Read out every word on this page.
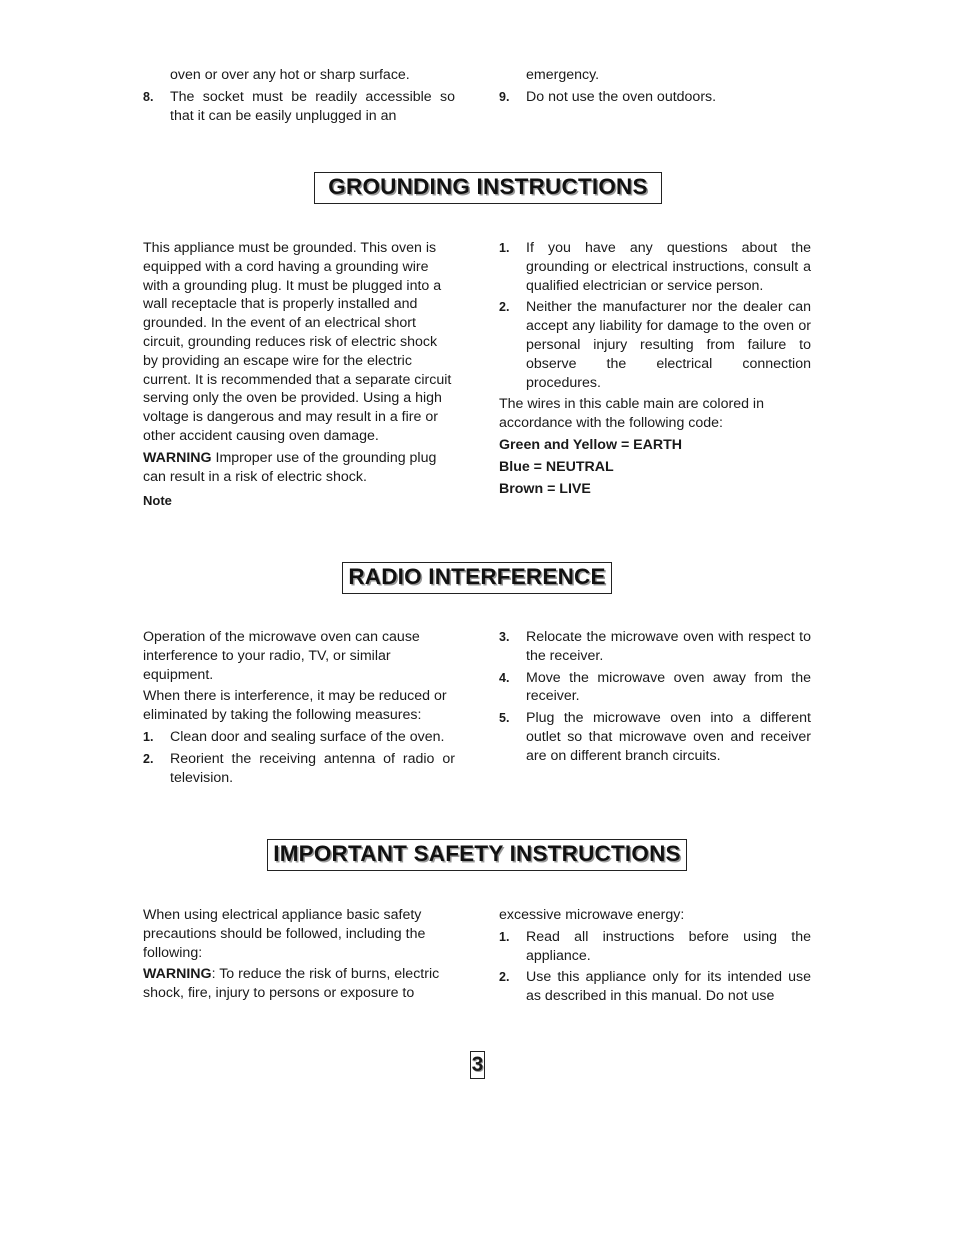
oven or over any hot or sharp surface.

8. The socket must be readily accessible so that it can be easily unplugged in an

emergency.

9. Do not use the oven outdoors.
GROUNDING INSTRUCTIONS

This appliance must be grounded. This oven is equipped with a cord having a grounding wire with a grounding plug. It must be plugged into a wall receptacle that is properly installed and grounded. In the event of an electrical short circuit, grounding reduces risk of electric shock by providing an escape wire for the electric current. It is recommended that a separate circuit serving only the oven be provided. Using a high voltage is dangerous and may result in a fire or other accident causing oven damage.

WARNING Improper use of the grounding plug can result in a risk of electric shock.

Note

1. If you have any questions about the grounding or electrical instructions, consult a qualified electrician or service person.
2. Neither the manufacturer nor the dealer can accept any liability for damage to the oven or personal injury resulting from failure to observe the electrical connection procedures.

The wires in this cable main are colored in accordance with the following code:

Green and Yellow = EARTH

Blue = NEUTRAL

Brown = LIVE

RADIO INTERFERENCE

Operation of the microwave oven can cause interference to your radio, TV, or similar equipment.

When there is interference, it may be reduced or eliminated by taking the following measures:

1. Clean door and sealing surface of the oven.
2. Reorient the receiving antenna of radio or television.
3. Relocate the microwave oven with respect to the receiver.
4. Move the microwave oven away from the receiver.
5. Plug the microwave oven into a different outlet so that microwave oven and receiver are on different branch circuits.
IMPORTANT SAFETY INSTRUCTIONS

When using electrical appliance basic safety precautions should be followed, including the following:

WARNING: To reduce the risk of burns, electric shock, fire, injury to persons or exposure to

excessive microwave energy:

1. Read all instructions before using the appliance.
2. Use this appliance only for its intended use as described in this manual. Do not use
3
